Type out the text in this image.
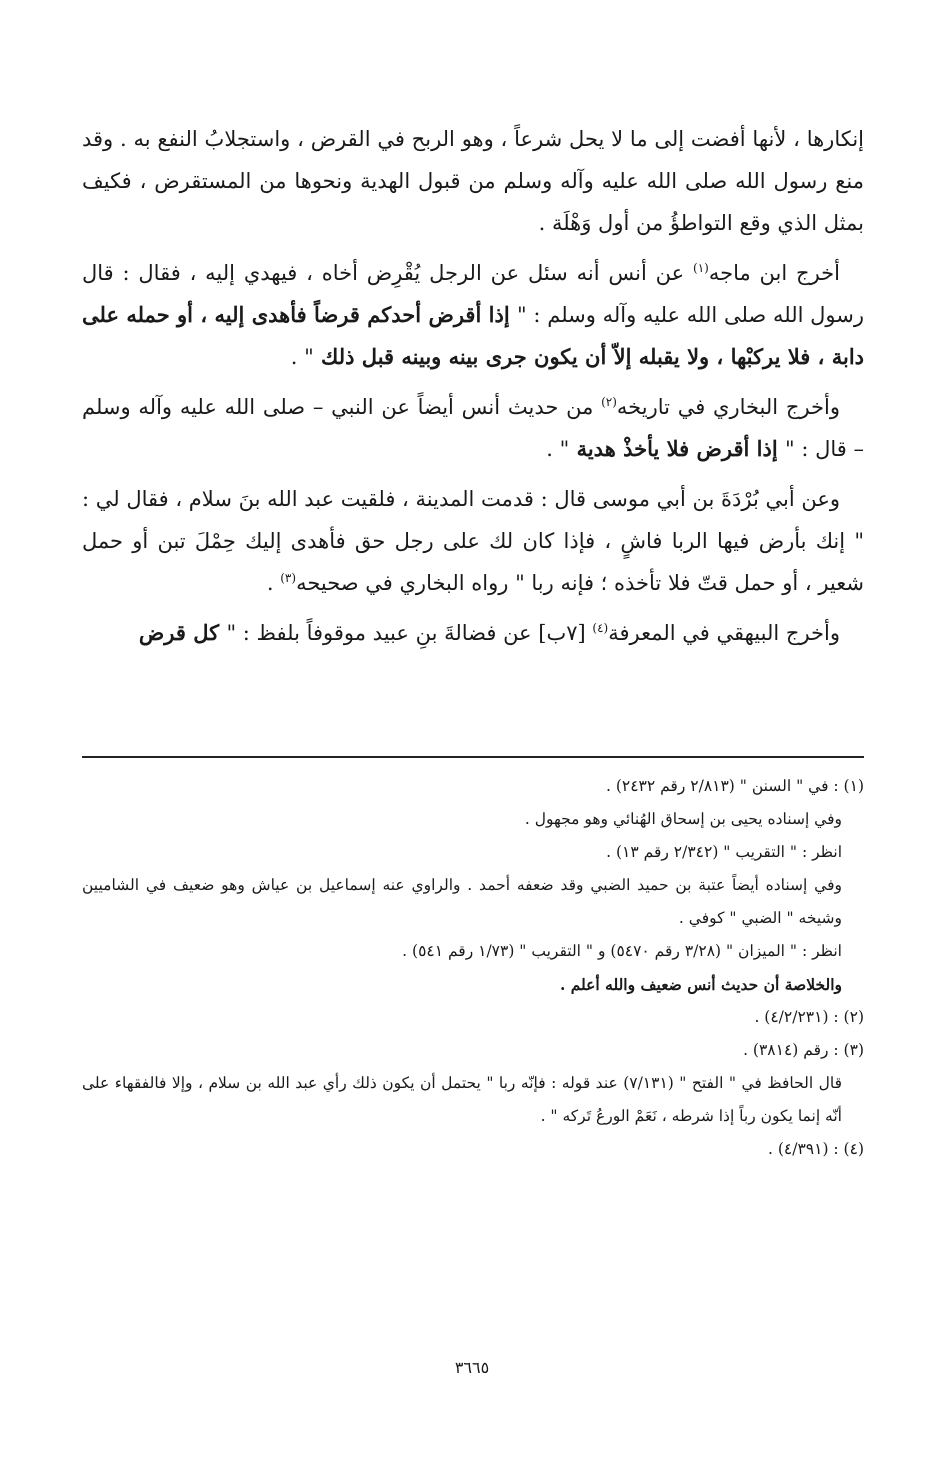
إنكارها ، لأنها أفضت إلى ما لا يحل شرعاً ، وهو الربح في القرض ، واستجلابُ النفع به . وقد منع رسول الله صلى الله عليه وآله وسلم من قبول الهدية ونحوها من المستقرض ، فكيف بمثل الذي وقع التواطؤُ من أول وَهْلَة .

أخرج ابن ماجه$^{(١)}$ عن أنس أنه سئل عن الرجل يُقْرِض أخاه ، فيهدي إليه ، فقال : قال رسول الله صلى الله عليه وآله وسلم : " إذا أقرض أحدكم قرضاً فأهدى إليه ، أو حمله على دابة ، فلا يركبْها ، ولا يقبله إلاّ أن يكون جرى بينه وبينه قبل ذلك " .

وأخرج البخاري في تاريخه$^{(٢)}$ من حديث أنس أيضاً عن النبي – صلى الله عليه وآله وسلم – قال : " إذا أقرض فلا يأخذْ هدية " .

وعن أبي بُرْدَةَ بن أبي موسى قال : قدمت المدينة ، فلقيت عبد الله بنَ سلام ، فقال لي : " إنك بأرض فيها الربا فاشٍ ، فإذا كان لك على رجل حق فأهدى إليك حِمْلَ تبن أو حمل شعير ، أو حمل قتّ فلا تأخذه ؛ فإنه ربا " رواه البخاري في صحيحه$^{(٣)}$ .

وأخرج البيهقي في المعرفة$^{(٤)}$ [٧ب] عن فضالةَ بنِ عبيد موقوفاً بلفظ : " كل قرض

(١) : في " السنن " (٢/٨١٣ رقم ٢٤٣٢) .

وفي إسناده يحيى بن إسحاق الهُنائي وهو مجهول .

انظر : " التقريب " (٢/٣٤٢ رقم ١٣) .

وفي إسناده أيضاً عتبة بن حميد الضبي وقد ضعفه أحمد . والراوي عنه إسماعيل بن عياش وهو ضعيف في الشاميين وشيخه " الضبي " كوفي .

انظر : " الميزان " (٣/٢٨ رقم ٥٤٧٠) و " التقريب " (١/٧٣ رقم ٥٤١) .

والخلاصة أن حديث أنس ضعيف والله أعلم .

(٢) : (٤/٢/٢٣١) .

(٣) : رقم (٣٨١٤) .

قال الحافظ في " الفتح " (٧/١٣١) عند قوله : فإنّه ربا " يحتمل أن يكون ذلك رأي عبد الله بن سلام ، وإلا فالفقهاء على أنّه إنما يكون رباً إذا شرطه ، نَعَمْ الورعُ تَركه " .

(٤) : (٤/٣٩١) .

٣٦٦٥
